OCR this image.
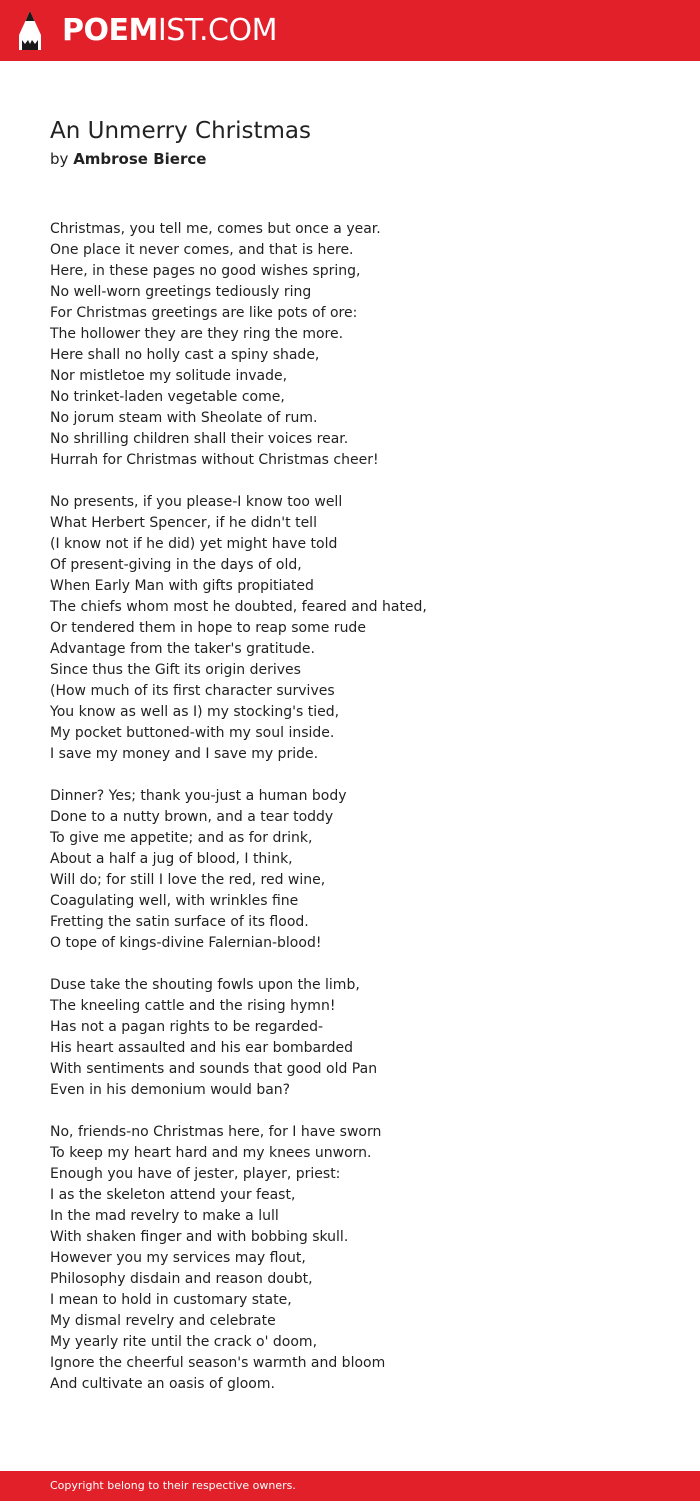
POEMIST.COM
An Unmerry Christmas
by Ambrose Bierce
Christmas, you tell me, comes but once a year.
One place it never comes, and that is here.
Here, in these pages no good wishes spring,
No well-worn greetings tediously ring
For Christmas greetings are like pots of ore:
The hollower they are they ring the more.
Here shall no holly cast a spiny shade,
Nor mistletoe my solitude invade,
No trinket-laden vegetable come,
No jorum steam with Sheolate of rum.
No shrilling children shall their voices rear.
Hurrah for Christmas without Christmas cheer!
No presents, if you please-I know too well
What Herbert Spencer, if he didn't tell
(I know not if he did) yet might have told
Of present-giving in the days of old,
When Early Man with gifts propitiated
The chiefs whom most he doubted, feared and hated,
Or tendered them in hope to reap some rude
Advantage from the taker's gratitude.
Since thus the Gift its origin derives
(How much of its first character survives
You know as well as I) my stocking's tied,
My pocket buttoned-with my soul inside.
I save my money and I save my pride.
Dinner? Yes; thank you-just a human body
Done to a nutty brown, and a tear toddy
To give me appetite; and as for drink,
About a half a jug of blood, I think,
Will do; for still I love the red, red wine,
Coagulating well, with wrinkles fine
Fretting the satin surface of its flood.
O tope of kings-divine Falernian-blood!
Duse take the shouting fowls upon the limb,
The kneeling cattle and the rising hymn!
Has not a pagan rights to be regarded-
His heart assaulted and his ear bombarded
With sentiments and sounds that good old Pan
Even in his demonium would ban?
No, friends-no Christmas here, for I have sworn
To keep my heart hard and my knees unworn.
Enough you have of jester, player, priest:
I as the skeleton attend your feast,
In the mad revelry to make a lull
With shaken finger and with bobbing skull.
However you my services may flout,
Philosophy disdain and reason doubt,
I mean to hold in customary state,
My dismal revelry and celebrate
My yearly rite until the crack o' doom,
Ignore the cheerful season's warmth and bloom
And cultivate an oasis of gloom.
Copyright belong to their respective owners.
